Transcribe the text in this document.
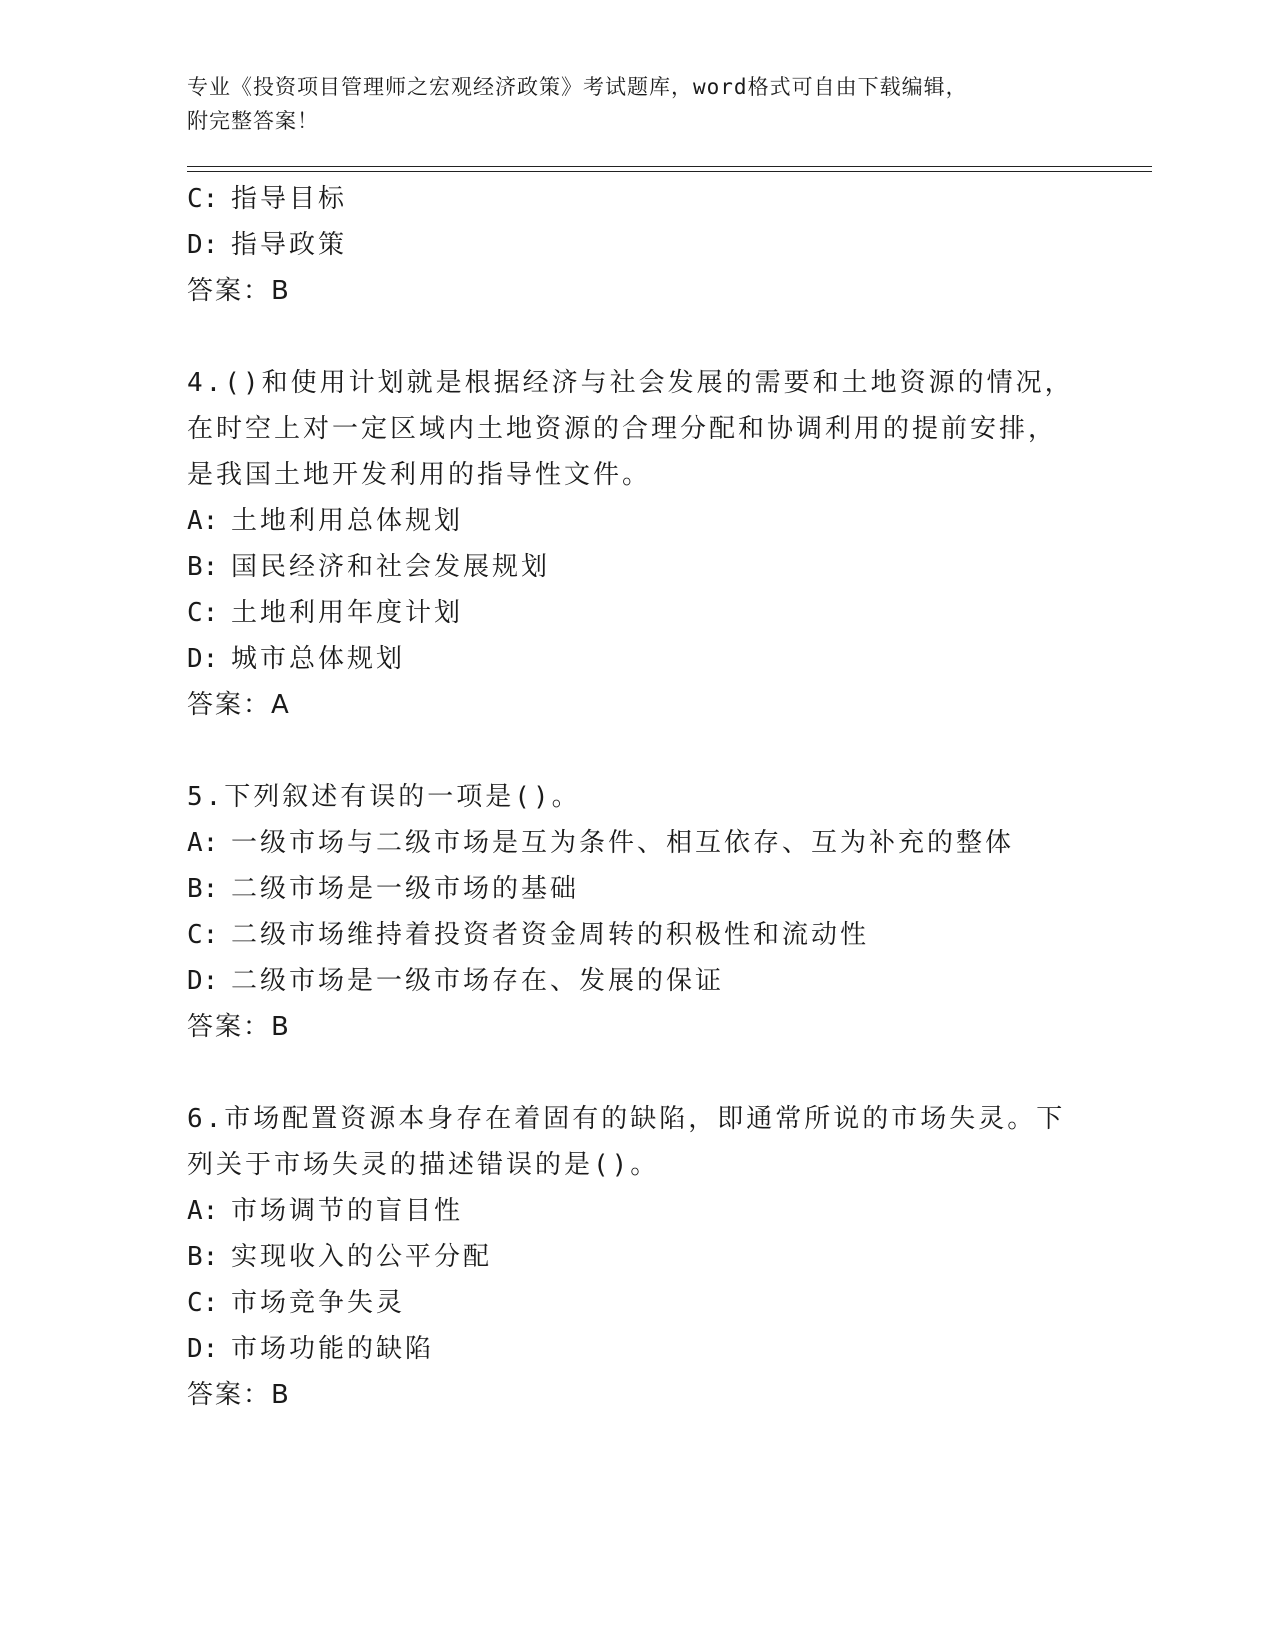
专业《投资项目管理师之宏观经济政策》考试题库，word格式可自由下载编辑，
附完整答案！
C: 指导目标
D: 指导政策
答案：B
4.()和使用计划就是根据经济与社会发展的需要和土地资源的情况，
在时空上对一定区域内土地资源的合理分配和协调利用的提前安排，
是我国土地开发利用的指导性文件。
A: 土地利用总体规划
B: 国民经济和社会发展规划
C: 土地利用年度计划
D: 城市总体规划
答案：A
5.下列叙述有误的一项是()。
A: 一级市场与二级市场是互为条件、相互依存、互为补充的整体
B: 二级市场是一级市场的基础
C: 二级市场维持着投资者资金周转的积极性和流动性
D: 二级市场是一级市场存在、发展的保证
答案：B
6.市场配置资源本身存在着固有的缺陷，即通常所说的市场失灵。下
列关于市场失灵的描述错误的是()。
A: 市场调节的盲目性
B: 实现收入的公平分配
C: 市场竞争失灵
D: 市场功能的缺陷
答案：B
